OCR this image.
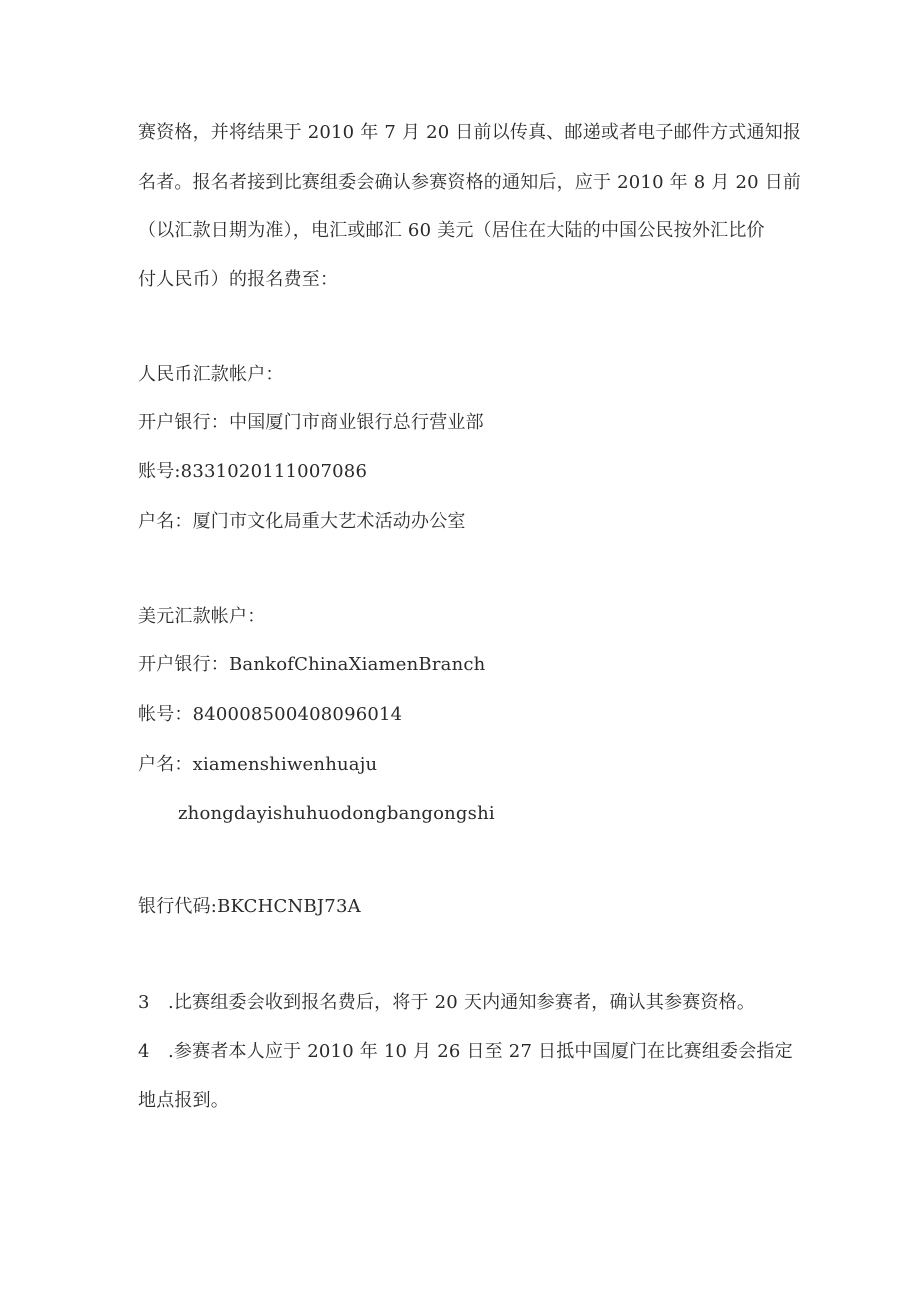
赛资格，并将结果于 2010 年 7 月 20 日前以传真、邮递或者电子邮件方式通知报
名者。报名者接到比赛组委会确认参赛资格的通知后，应于 2010 年 8 月 20 日前
（以汇款日期为准），电汇或邮汇 60 美元（居住在大陆的中国公民按外汇比价
付人民币）的报名费至：
人民币汇款帐户：
开户银行：中国厦门市商业银行总行营业部
账号:8331020111007086
户名：厦门市文化局重大艺术活动办公室
美元汇款帐户：
开户银行：BankofChinaXiamenBranch
帐号：840008500408096014
户名：xiamenshiwenhuaju
zhongdayishuhuodongbangongshi
银行代码:BKCHCNBJ73A
3 .比赛组委会收到报名费后，将于 20 天内通知参赛者，确认其参赛资格。
4 .参赛者本人应于 2010 年 10 月 26 日至 27 日抵中国厦门在比赛组委会指定
地点报到。
